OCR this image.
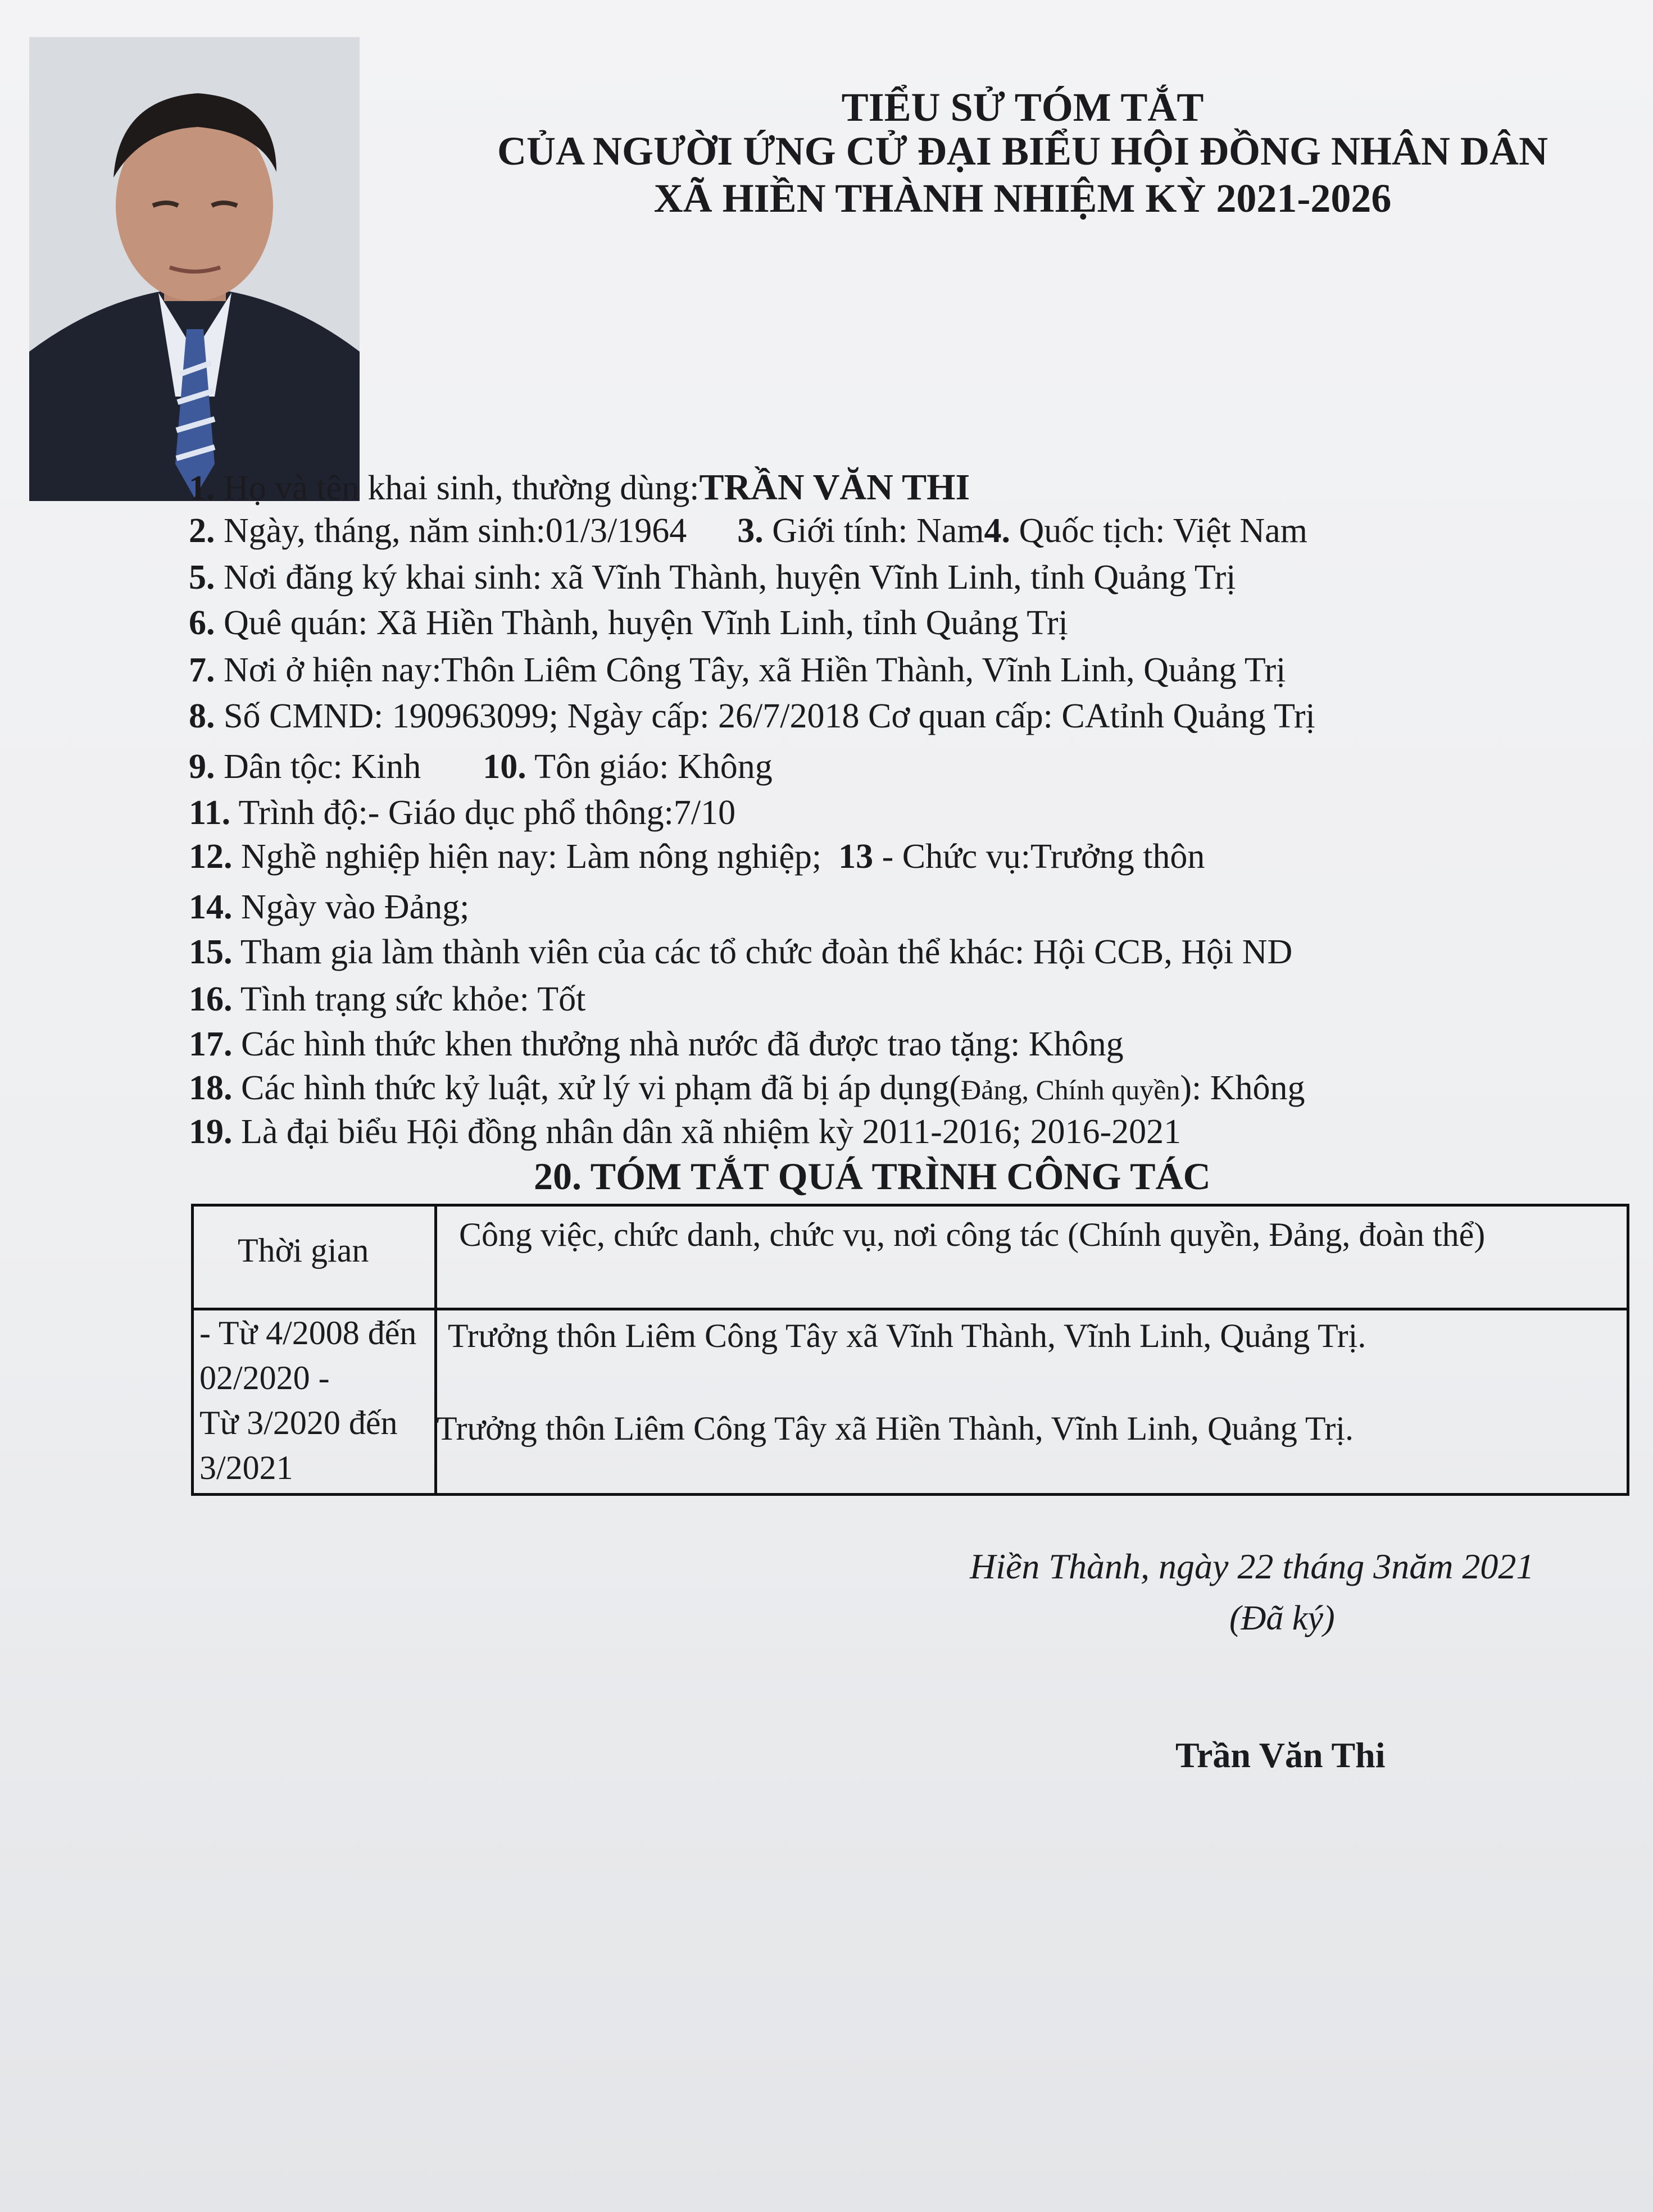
TIỂU SỬ TÓM TẮT
CỦA NGƯỜI ỨNG CỬ ĐẠI BIỂU HỘI ĐỒNG NHÂN DÂN
XÃ HIỀN THÀNH NHIỆM KỲ 2021-2026
1. Họ và tên khai sinh, thường dùng:TRẦN VĂN THI
2. Ngày, tháng, năm sinh:01/3/1964 3. Giới tính: Nam4. Quốc tịch: Việt Nam
5. Nơi đăng ký khai sinh: xã Vĩnh Thành, huyện Vĩnh Linh, tỉnh Quảng Trị
6. Quê quán: Xã Hiền Thành, huyện Vĩnh Linh, tỉnh Quảng Trị
7. Nơi ở hiện nay:Thôn Liêm Công Tây, xã Hiền Thành, Vĩnh Linh, Quảng Trị
8. Số CMND: 190963099; Ngày cấp: 26/7/2018 Cơ quan cấp: CAtỉnh Quảng Trị
9. Dân tộc: Kinh 10. Tôn giáo: Không
11. Trình độ:- Giáo dục phổ thông:7/10
12. Nghề nghiệp hiện nay: Làm nông nghiệp; 13 - Chức vụ:Trưởng thôn
14. Ngày vào Đảng;
15. Tham gia làm thành viên của các tổ chức đoàn thể khác: Hội CCB, Hội ND
16. Tình trạng sức khỏe: Tốt
17. Các hình thức khen thưởng nhà nước đã được trao tặng: Không
18. Các hình thức kỷ luật, xử lý vi phạm đã bị áp dụng(Đảng, Chính quyền): Không
19. Là đại biểu Hội đồng nhân dân xã nhiệm kỳ 2011-2016; 2016-2021
20. TÓM TẮT QUÁ TRÌNH CÔNG TÁC
Thời gian	Công việc, chức danh, chức vụ, nơi công tác (Chính quyền, Đảng, đoàn thể)
- Từ 4/2008 đến 02/2020 -
Trưởng thôn Liêm Công Tây xã Vĩnh Thành, Vĩnh Linh, Quảng Trị.
Từ 3/2020 đến 3/2021
Trưởng thôn Liêm Công Tây xã Hiền Thành, Vĩnh Linh, Quảng Trị.
Hiền Thành, ngày 22 tháng 3năm 2021
(Đã ký)
Trần Văn Thi
